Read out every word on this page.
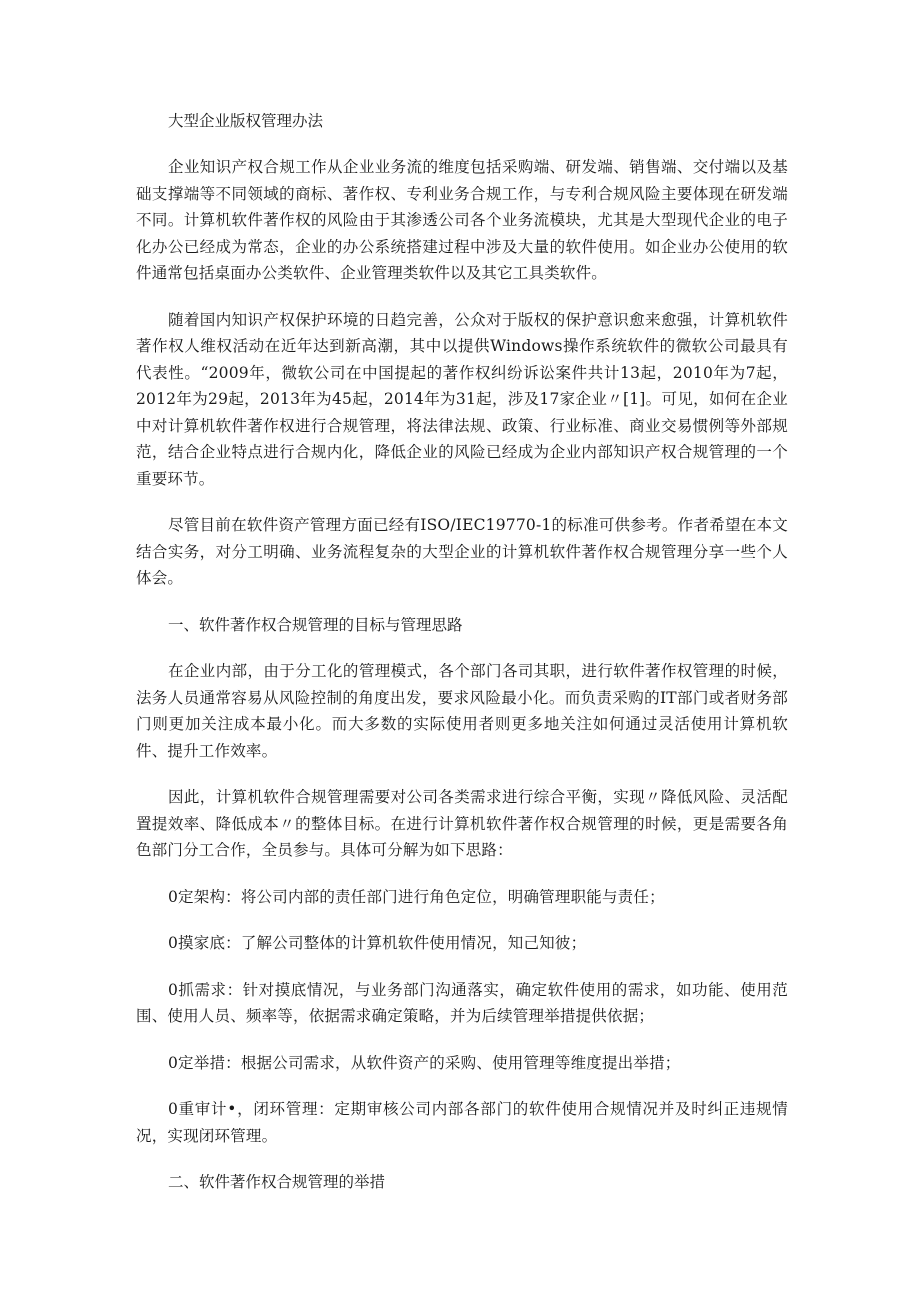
大型企业版权管理办法

企业知识产权合规工作从企业业务流的维度包括采购端、研发端、销售端、交付端以及基础支撑端等不同领域的商标、著作权、专利业务合规工作，与专利合规风险主要体现在研发端不同。计算机软件著作权的风险由于其渗透公司各个业务流模块，尤其是大型现代企业的电子化办公已经成为常态，企业的办公系统搭建过程中涉及大量的软件使用。如企业办公使用的软件通常包括桌面办公类软件、企业管理类软件以及其它工具类软件。

随着国内知识产权保护环境的日趋完善，公众对于版权的保护意识愈来愈强，计算机软件著作权人维权活动在近年达到新高潮，其中以提供Windows操作系统软件的微软公司最具有代表性。“2009年，微软公司在中国提起的著作权纠纷诉讼案件共计13起，2010年为7起，2012年为29起，2013年为45起，2014年为31起，涉及17家企业〃[1]。可见，如何在企业中对计算机软件著作权进行合规管理，将法律法规、政策、行业标准、商业交易惯例等外部规范，结合企业特点进行合规内化，降低企业的风险已经成为企业内部知识产权合规管理的一个重要环节。

尽管目前在软件资产管理方面已经有ISO/IEC19770-1的标准可供参考。作者希望在本文结合实务，对分工明确、业务流程复杂的大型企业的计算机软件著作权合规管理分享一些个人体会。

一、软件著作权合规管理的目标与管理思路

在企业内部，由于分工化的管理模式，各个部门各司其职，进行软件著作权管理的时候，法务人员通常容易从风险控制的角度出发，要求风险最小化。而负责采购的IT部门或者财务部门则更加关注成本最小化。而大多数的实际使用者则更多地关注如何通过灵活使用计算机软件、提升工作效率。

因此，计算机软件合规管理需要对公司各类需求进行综合平衡，实现〃降低风险、灵活配置提效率、降低成本〃的整体目标。在进行计算机软件著作权合规管理的时候，更是需要各角色部门分工合作，全员参与。具体可分解为如下思路：

0定架构：将公司内部的责任部门进行角色定位，明确管理职能与责任；

0摸家底：了解公司整体的计算机软件使用情况，知己知彼；

0抓需求：针对摸底情况，与业务部门沟通落实，确定软件使用的需求，如功能、使用范围、使用人员、频率等，依据需求确定策略，并为后续管理举措提供依据；

0定举措：根据公司需求，从软件资产的采购、使用管理等维度提出举措；

0重审计•，闭环管理：定期审核公司内部各部门的软件使用合规情况并及时纠正违规情况，实现闭环管理。

二、软件著作权合规管理的举措
